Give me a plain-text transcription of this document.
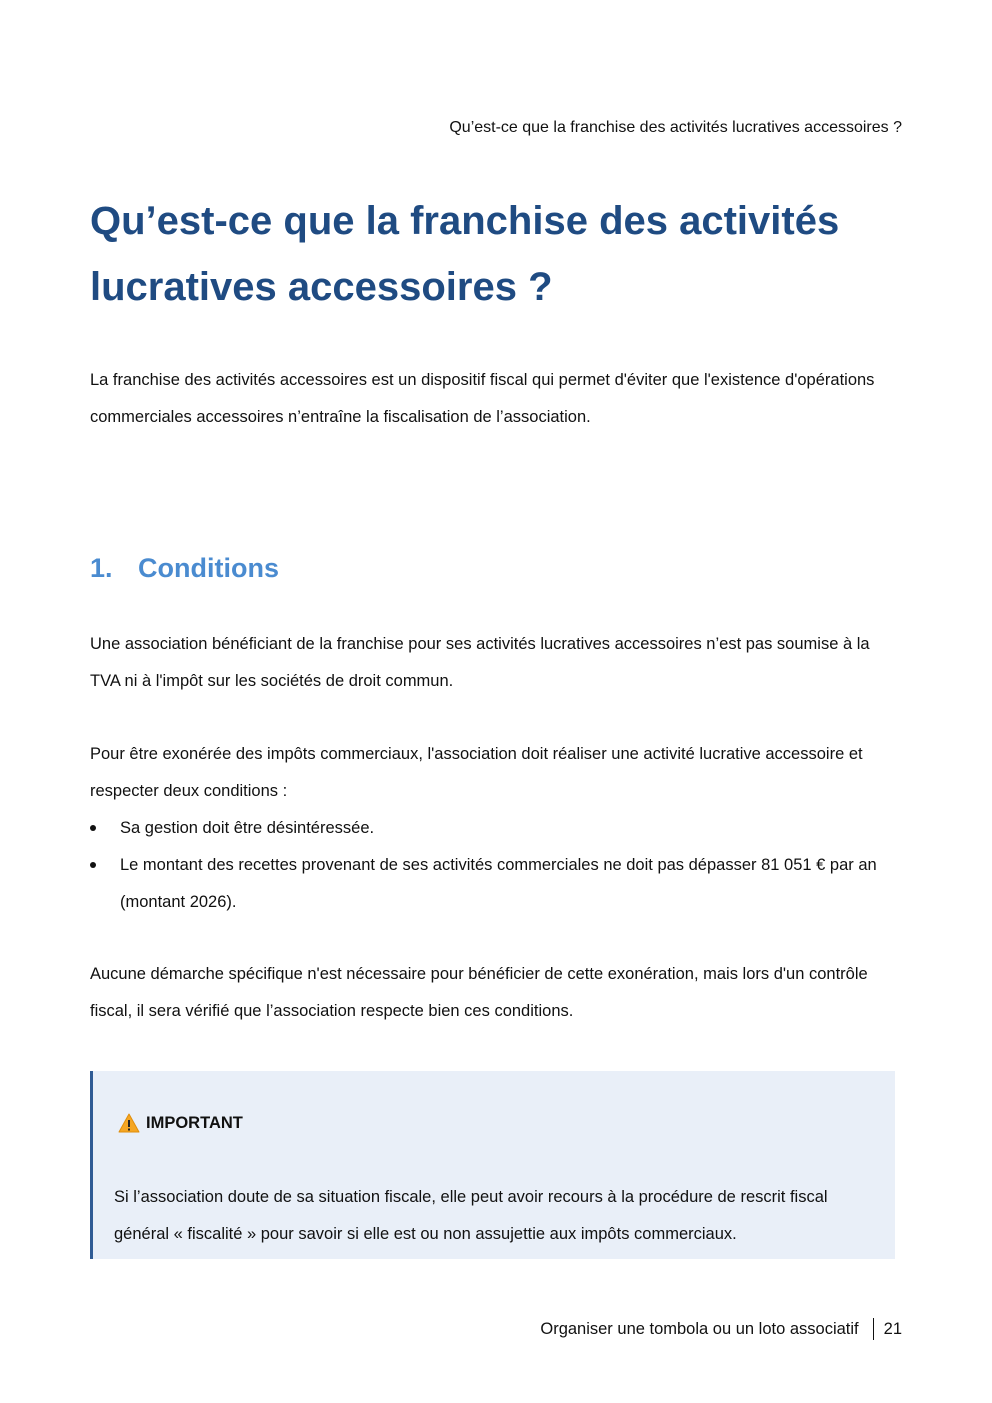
Qu’est-ce que la franchise des activités lucratives accessoires ?
Qu’est-ce que la franchise des activités lucratives accessoires ?

La franchise des activités accessoires est un dispositif fiscal qui permet d'éviter que l'existence d'opérations commerciales accessoires n’entraîne la fiscalisation de l’association.

1. Conditions

Une association bénéficiant de la franchise pour ses activités lucratives accessoires n’est pas soumise à la TVA ni à l'impôt sur les sociétés de droit commun.

Pour être exonérée des impôts commerciaux, l'association doit réaliser une activité lucrative accessoire et respecter deux conditions :

Sa gestion doit être désintéressée.
Le montant des recettes provenant de ses activités commerciales ne doit pas dépasser 81 051 € par an (montant 2026).

Aucune démarche spécifique n'est nécessaire pour bénéficier de cette exonération, mais lors d'un contrôle fiscal, il sera vérifié que l’association respecte bien ces conditions.

IMPORTANT

Si l’association doute de sa situation fiscale, elle peut avoir recours à la procédure de rescrit fiscal général « fiscalité » pour savoir si elle est ou non assujettie aux impôts commerciaux.

Organiser une tombola ou un loto associatif 21
